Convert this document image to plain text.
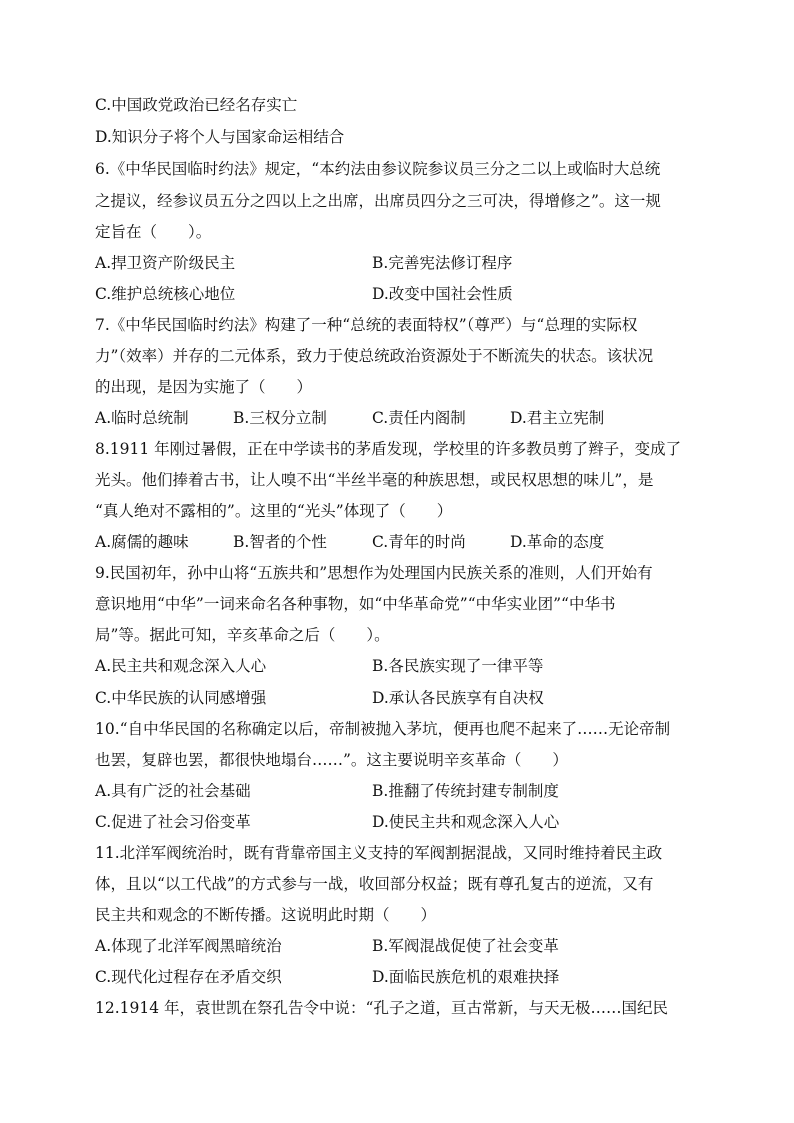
C.中国政党政治已经名存实亡
D.知识分子将个人与国家命运相结合
6.《中华民国临时约法》规定，“本约法由参议院参议员三分之二以上或临时大总统
之提议，经参议员五分之四以上之出席，出席员四分之三可决，得增修之”。这一规
定旨在（　　）。
A.捍卫资产阶级民主	B.完善宪法修订程序
C.维护总统核心地位	D.改变中国社会性质
7.《中华民国临时约法》构建了一种“总统的表面特权”（尊严）与“总理的实际权
力”（效率）并存的二元体系，致力于使总统政治资源处于不断流失的状态。该状况
的出现，是因为实施了（　　）
A.临时总统制	B.三权分立制	C.责任内阁制	D.君主立宪制
8.1911 年刚过暑假，正在中学读书的茅盾发现，学校里的许多教员剪了辫子，变成了
光头。他们捧着古书，让人嗅不出“半丝半毫的种族思想，或民权思想的味儿”，是
“真人绝对不露相的”。这里的“光头”体现了（　　）
A.腐儒的趣味	B.智者的个性	C.青年的时尚	D.革命的态度
9.民国初年，孙中山将“五族共和”思想作为处理国内民族关系的准则，人们开始有
意识地用“中华”一词来命名各种事物，如“中华革命党”“中华实业团”“中华书
局”等。据此可知，辛亥革命之后（　　）。
A.民主共和观念深入人心	B.各民族实现了一律平等
C.中华民族的认同感增强	D.承认各民族享有自决权
10.“自中华民国的名称确定以后，帝制被抛入茅坑，便再也爬不起来了……无论帝制
也罢，复辟也罢，都很快地塌台……”。这主要说明辛亥革命（　　）
A.具有广泛的社会基础	B.推翻了传统封建专制制度
C.促进了社会习俗变革	D.使民主共和观念深入人心
11.北洋军阀统治时，既有背靠帝国主义支持的军阀割据混战，又同时维持着民主政
体，且以“以工代战”的方式参与一战，收回部分权益；既有尊孔复古的逆流，又有
民主共和观念的不断传播。这说明此时期（　　）
A.体现了北洋军阀黑暗统治	B.军阀混战促使了社会变革
C.现代化过程存在矛盾交织	D.面临民族危机的艰难抉择
12.1914 年，袁世凯在祭孔告令中说：“孔子之道，亘古常新，与天无极……国纪民
